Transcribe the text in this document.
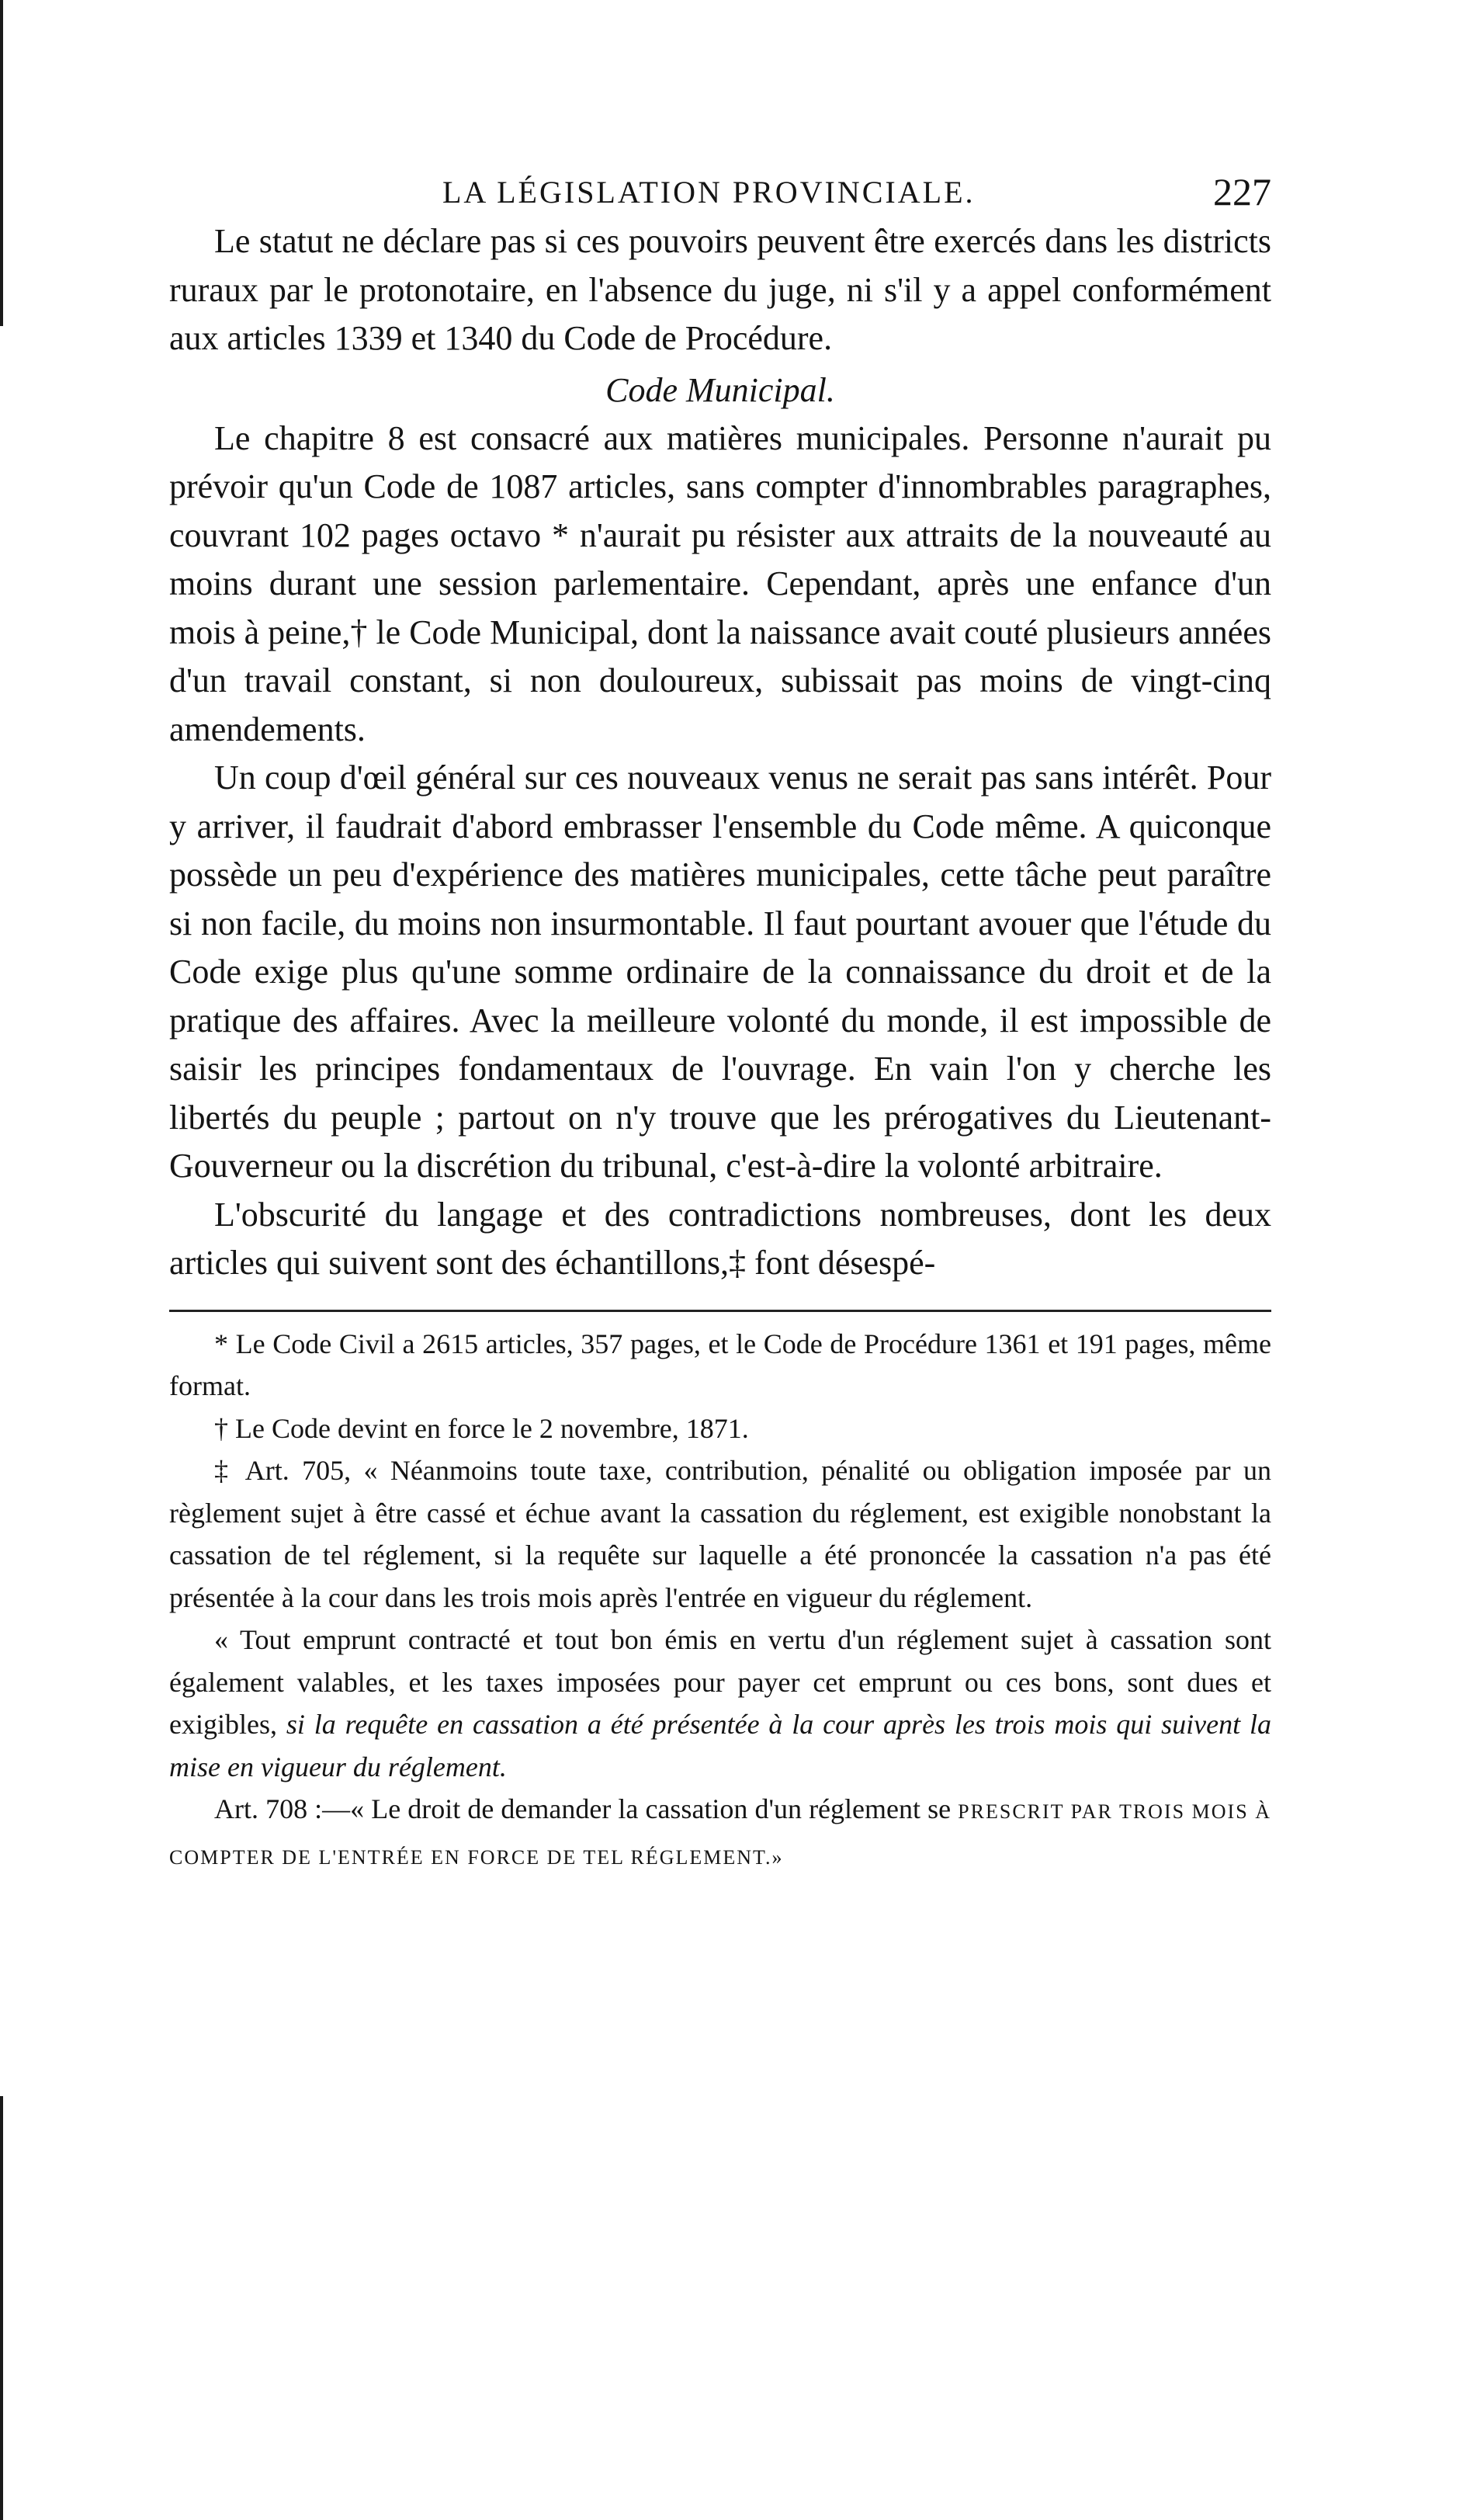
LA LÉGISLATION PROVINCIALE.	227

Le statut ne déclare pas si ces pouvoirs peuvent être exercés dans les districts ruraux par le protonotaire, en l'absence du juge, ni s'il y a appel conformément aux articles 1339 et 1340 du Code de Procédure.

Code Municipal.

Le chapitre 8 est consacré aux matières municipales. Personne n'aurait pu prévoir qu'un Code de 1087 articles, sans compter d'innombrables paragraphes, couvrant 102 pages octavo * n'aurait pu résister aux attraits de la nouveauté au moins durant une session parlementaire. Cependant, après une enfance d'un mois à peine,† le Code Municipal, dont la naissance avait couté plusieurs années d'un travail constant, si non douloureux, subissait pas moins de vingt-cinq amendements.

Un coup d'œil général sur ces nouveaux venus ne serait pas sans intérêt. Pour y arriver, il faudrait d'abord embrasser l'ensemble du Code même. A quiconque possède un peu d'expérience des matières municipales, cette tâche peut paraître si non facile, du moins non insurmontable. Il faut pourtant avouer que l'étude du Code exige plus qu'une somme ordinaire de la connaissance du droit et de la pratique des affaires. Avec la meilleure volonté du monde, il est impossible de saisir les principes fondamentaux de l'ouvrage. En vain l'on y cherche les libertés du peuple ; partout on n'y trouve que les prérogatives du Lieutenant-Gouverneur ou la discrétion du tribunal, c'est-à-dire la volonté arbitraire.

L'obscurité du langage et des contradictions nombreuses, dont les deux articles qui suivent sont des échantillons,‡ font désespé-

* Le Code Civil a 2615 articles, 357 pages, et le Code de Procédure 1361 et 191 pages, même format.

† Le Code devint en force le 2 novembre, 1871.

‡ Art. 705, « Néanmoins toute taxe, contribution, pénalité ou obligation imposée par un règlement sujet à être cassé et échue avant la cassation du réglement, est exigible nonobstant la cassation de tel réglement, si la requête sur laquelle a été prononcée la cassation n'a pas été présentée à la cour dans les trois mois après l'entrée en vigueur du réglement.

« Tout emprunt contracté et tout bon émis en vertu d'un réglement sujet à cassation sont également valables, et les taxes imposées pour payer cet emprunt ou ces bons, sont dues et exigibles, si la requête en cassation a été présentée à la cour après les trois mois qui suivent la mise en vigueur du réglement.

Art. 708 :—« Le droit de demander la cassation d'un réglement se PRESCRIT PAR TROIS MOIS À COMPTER DE L'ENTRÉE EN FORCE DE TEL RÉGLEMENT.»
